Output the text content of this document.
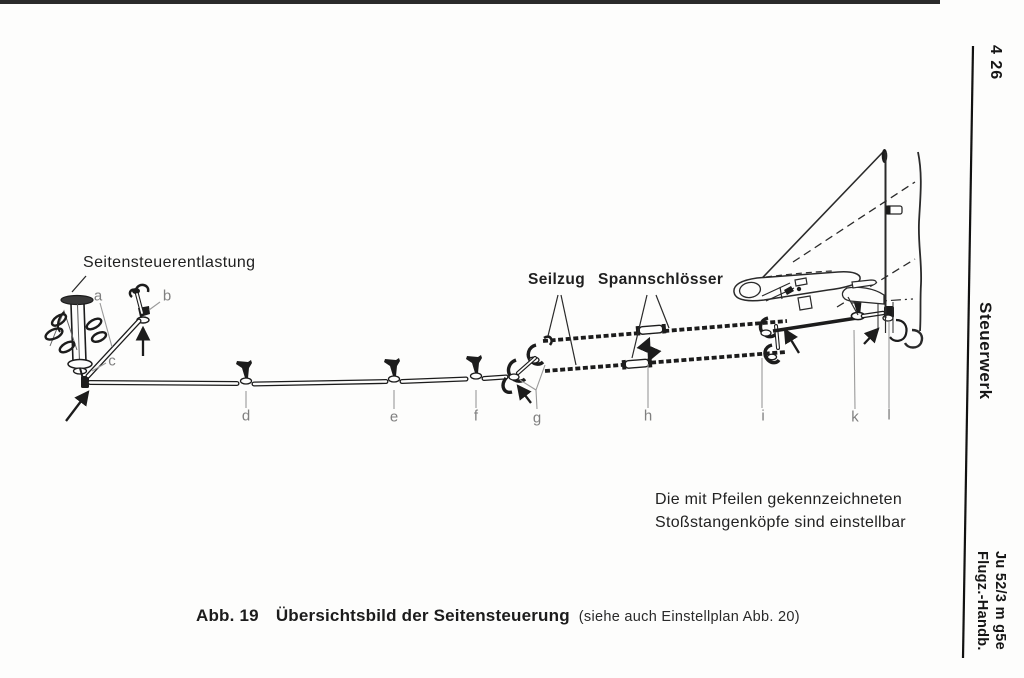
Seitensteuerentlastung
Seilzug Spannschlösser
a	b
c
d	e	f	g	h	i	k l
Die mit Pfeilen gekennzeichneten
Stoßstangenköpfe sind einstellbar
Abb. 19 Übersichtsbild der Seitensteuerung (siehe auch Einstellplan Abb. 20)
4 26
Steuerwerk
Ju 52/3 m g5e
Flugz.-Handb.
